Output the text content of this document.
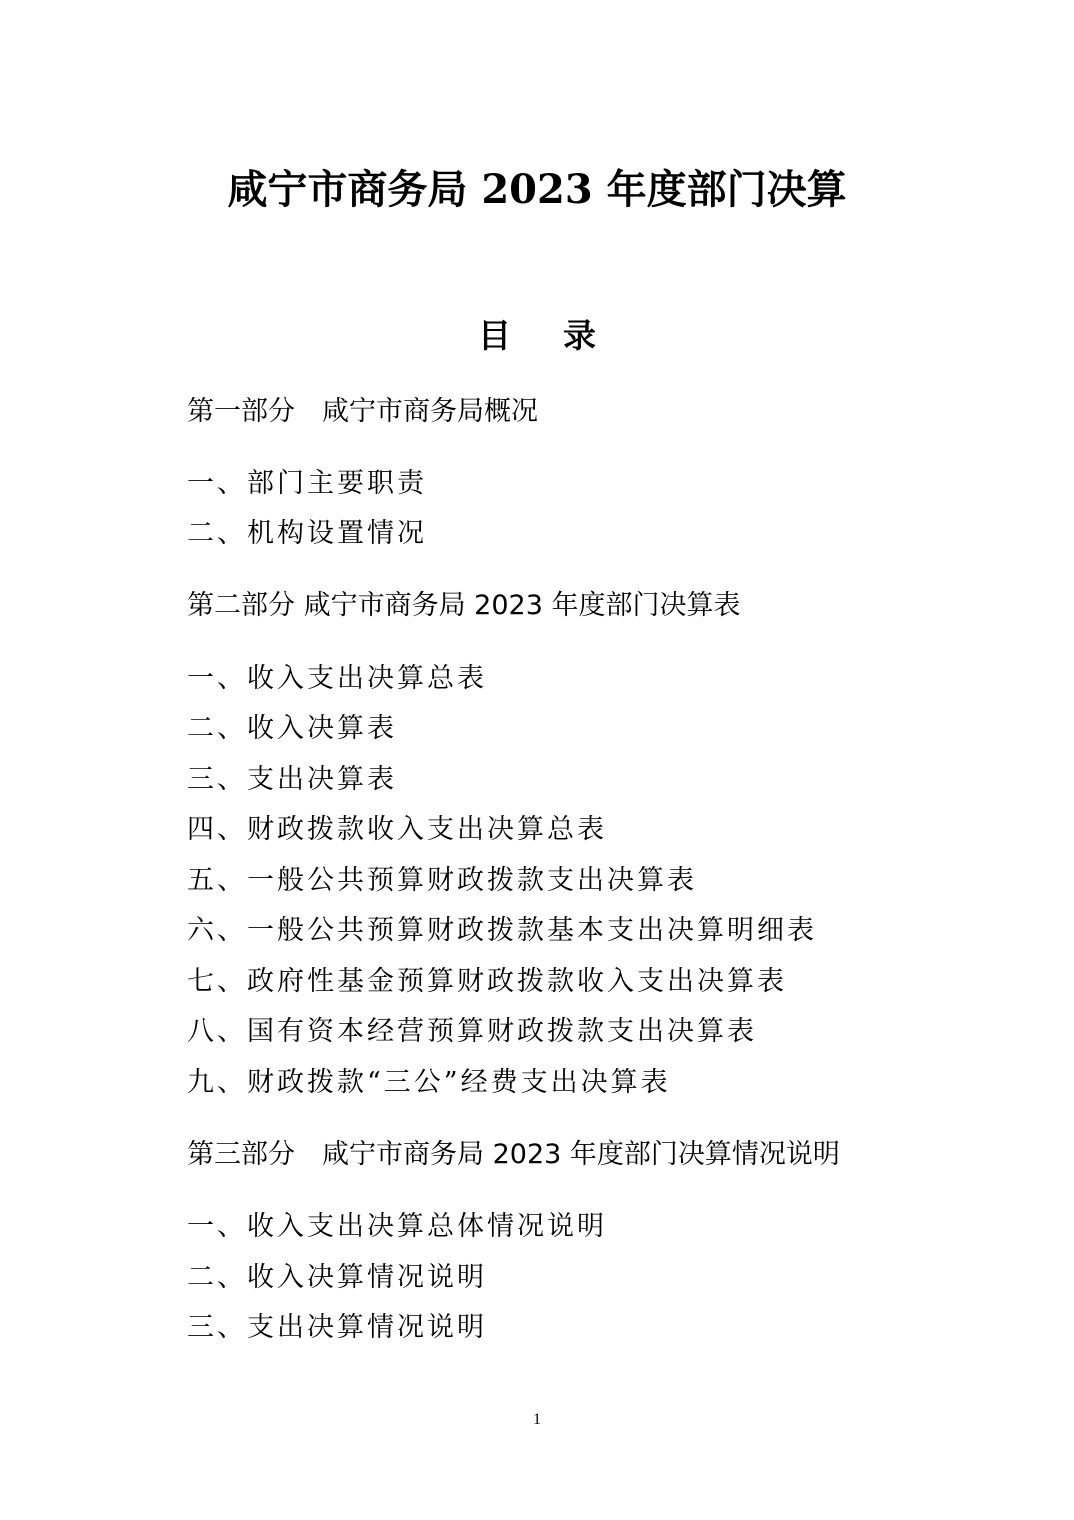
咸宁市商务局 2023 年度部门决算
目录
第一部分　咸宁市商务局概况
一、部门主要职责
二、机构设置情况
第二部分 咸宁市商务局 2023 年度部门决算表
一、收入支出决算总表
二、收入决算表
三、支出决算表
四、财政拨款收入支出决算总表
五、一般公共预算财政拨款支出决算表
六、一般公共预算财政拨款基本支出决算明细表
七、政府性基金预算财政拨款收入支出决算表
八、国有资本经营预算财政拨款支出决算表
九、财政拨款“三公”经费支出决算表
第三部分　咸宁市商务局 2023 年度部门决算情况说明
一、收入支出决算总体情况说明
二、收入决算情况说明
三、支出决算情况说明
1
